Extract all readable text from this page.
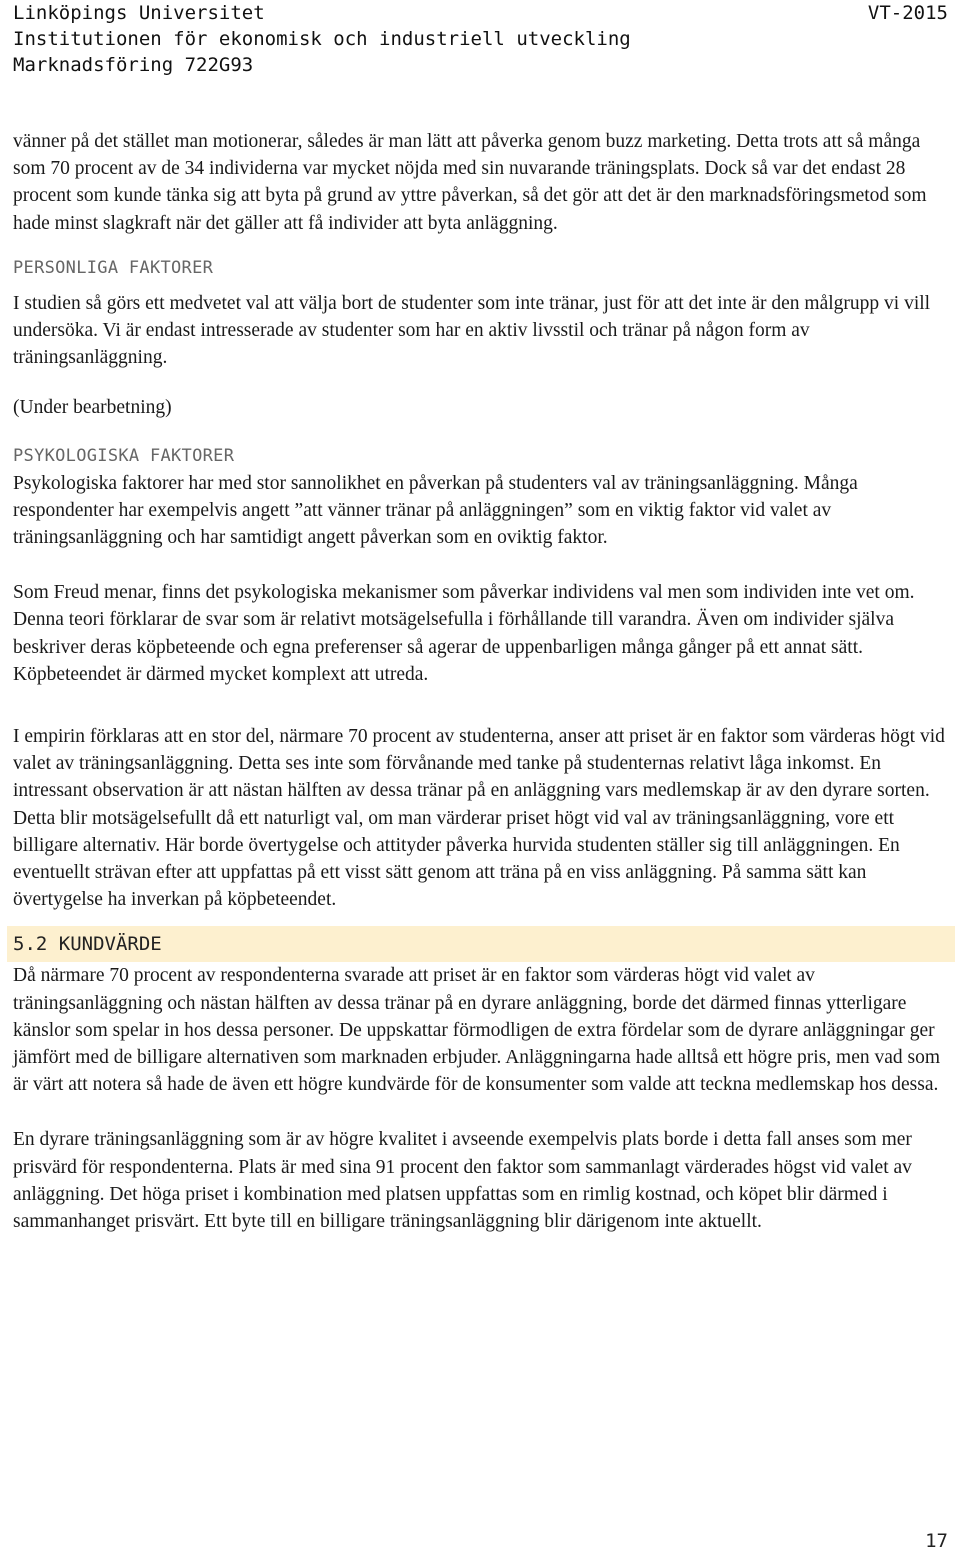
Linköpings Universitet	VT-2015
Institutionen för ekonomisk och industriell utveckling
Marknadsföring 722G93

vänner på det stället man motionerar, således är man lätt att påverka genom buzz marketing. Detta trots att så många som 70 procent av de 34 individerna var mycket nöjda med sin nuvarande träningsplats. Dock så var det endast 28 procent som kunde tänka sig att byta på grund av yttre påverkan, så det gör att det är den marknadsföringsmetod som hade minst slagkraft när det gäller att få individer att byta anläggning.

PERSONLIGA FAKTORER

I studien så görs ett medvetet val att välja bort de studenter som inte tränar, just för att det inte är den målgrupp vi vill undersöka. Vi är endast intresserade av studenter som har en aktiv livsstil och tränar på någon form av träningsanläggning.

(Under bearbetning)

PSYKOLOGISKA FAKTORER

Psykologiska faktorer har med stor sannolikhet en påverkan på studenters val av träningsanläggning. Många respondenter har exempelvis angett ”att vänner tränar på anläggningen” som en viktig faktor vid valet av träningsanläggning och har samtidigt angett påverkan som en oviktig faktor.

Som Freud menar, finns det psykologiska mekanismer som påverkar individens val men som individen inte vet om. Denna teori förklarar de svar som är relativt motsägelsefulla i förhållande till varandra. Även om individer själva beskriver deras köpbeteende och egna preferenser så agerar de uppenbarligen många gånger på ett annat sätt. Köpbeteendet är därmed mycket komplext att utreda.

I empirin förklaras att en stor del, närmare 70 procent av studenterna, anser att priset är en faktor som värderas högt vid valet av träningsanläggning. Detta ses inte som förvånande med tanke på studenternas relativt låga inkomst. En intressant observation är att nästan hälften av dessa tränar på en anläggning vars medlemskap är av den dyrare sorten. Detta blir motsägelsefullt då ett naturligt val, om man värderar priset högt vid val av träningsanläggning, vore ett billigare alternativ. Här borde övertygelse och attityder påverka hurvida studenten ställer sig till anläggningen. En eventuellt strävan efter att uppfattas på ett visst sätt genom att träna på en viss anläggning. På samma sätt kan övertygelse ha inverkan på köpbeteendet.

5.2 KUNDVÄRDE

Då närmare 70 procent av respondenterna svarade att priset är en faktor som värderas högt vid valet av träningsanläggning och nästan hälften av dessa tränar på en dyrare anläggning, borde det därmed finnas ytterligare känslor som spelar in hos dessa personer. De uppskattar förmodligen de extra fördelar som de dyrare anläggningar ger jämfört med de billigare alternativen som marknaden erbjuder. Anläggningarna hade alltså ett högre pris, men vad som är värt att notera så hade de även ett högre kundvärde för de konsumenter som valde att teckna medlemskap hos dessa.

En dyrare träningsanläggning som är av högre kvalitet i avseende exempelvis plats borde i detta fall anses som mer prisvärd för respondenterna. Plats är med sina 91 procent den faktor som sammanlagt värderades högst vid valet av anläggning. Det höga priset i kombination med platsen uppfattas som en rimlig kostnad, och köpet blir därmed i sammanhanget prisvärt. Ett byte till en billigare träningsanläggning blir därigenom inte aktuellt.

17
